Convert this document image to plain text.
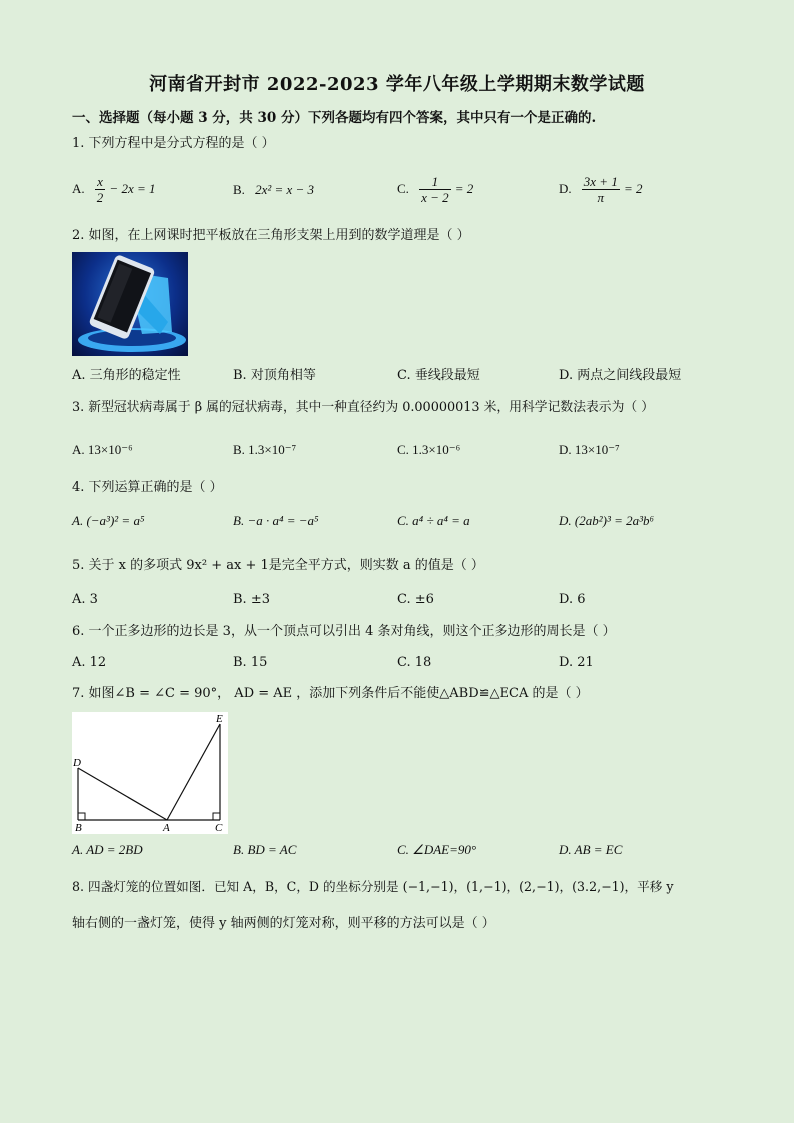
河南省开封市 2022-2023 学年八年级上学期期末数学试题
一、选择题（每小题 3 分，共 30 分）下列各题均有四个答案，其中只有一个是正确的.
1. 下列方程中是分式方程的是（ ）
A. $\frac{x}{2} - 2x = 1$	B. 2x² = x − 3	C. $\frac{1}{x - 2} = 2$	D. $\frac{3x + 1}{\pi} = 2$
2. 如图，在上网课时把平板放在三角形支架上用到的数学道理是（ ）
A. 三角形的稳定性	B. 对顶角相等	C. 垂线段最短	D. 两点之间线段最短
3. 新型冠状病毒属于 β 属的冠状病毒，其中一种直径约为 0.00000013 米，用科学记数法表示为（ ）
A. 13×10⁻⁶	B. 1.3×10⁻⁷	C. 1.3×10⁻⁶	D. 13×10⁻⁷
4. 下列运算正确的是（ ）
A. (−a³)² = a⁵	B. −a · a⁴ = −a⁵	C. a⁴ ÷ a⁴ = a	D. (2ab²)³ = 2a³b⁶
5. 关于 x 的多项式 9x² + ax + 1是完全平方式，则实数 a 的值是（ ）
A. 3	B. ±3	C. ±6	D. 6
6. 一个正多边形的边长是 3，从一个顶点可以引出 4 条对角线，则这个正多边形的周长是（ ）
A. 12	B. 15	C. 18	D. 21
7. 如图∠B = ∠C = 90°， AD = AE ，添加下列条件后不能使△ABD≌△ECA 的是（ ）
D
E
B	A	C
A. AD = 2BD	B. BD = AC	C. ∠DAE=90°	D. AB = EC
8. 四盏灯笼的位置如图．已知 A，B，C，D 的坐标分别是 (−1,−1)，(1,−1)，(2,−1)，(3.2,−1)，平移 y
轴右侧的一盏灯笼，使得 y 轴两侧的灯笼对称，则平移的方法可以是（ ）
